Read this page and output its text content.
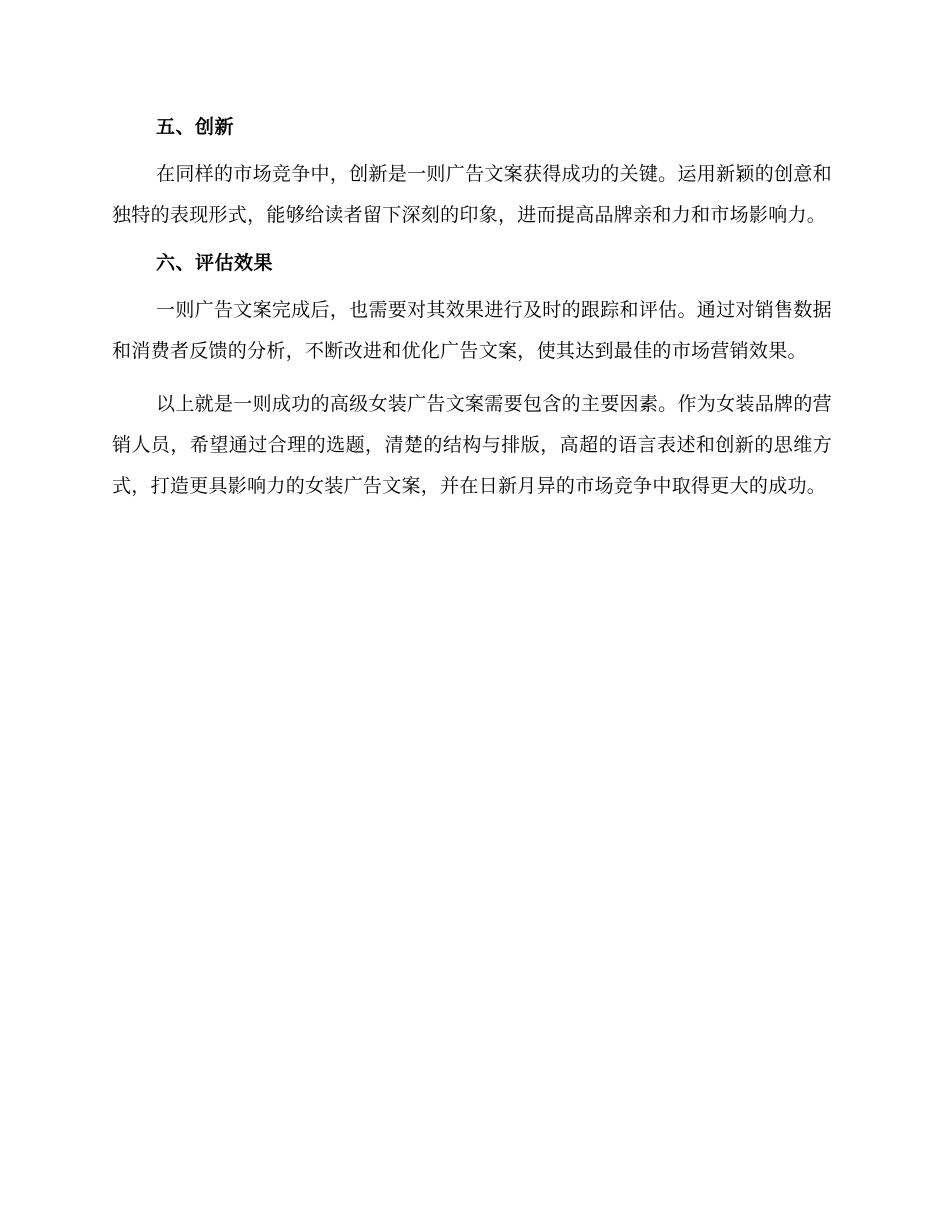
五、创新

在同样的市场竞争中，创新是一则广告文案获得成功的关键。运用新颖的创意和独特的表现形式，能够给读者留下深刻的印象，进而提高品牌亲和力和市场影响力。

六、评估效果

一则广告文案完成后，也需要对其效果进行及时的跟踪和评估。通过对销售数据和消费者反馈的分析，不断改进和优化广告文案，使其达到最佳的市场营销效果。

以上就是一则成功的高级女装广告文案需要包含的主要因素。作为女装品牌的营销人员，希望通过合理的选题，清楚的结构与排版，高超的语言表述和创新的思维方式，打造更具影响力的女装广告文案，并在日新月异的市场竞争中取得更大的成功。
